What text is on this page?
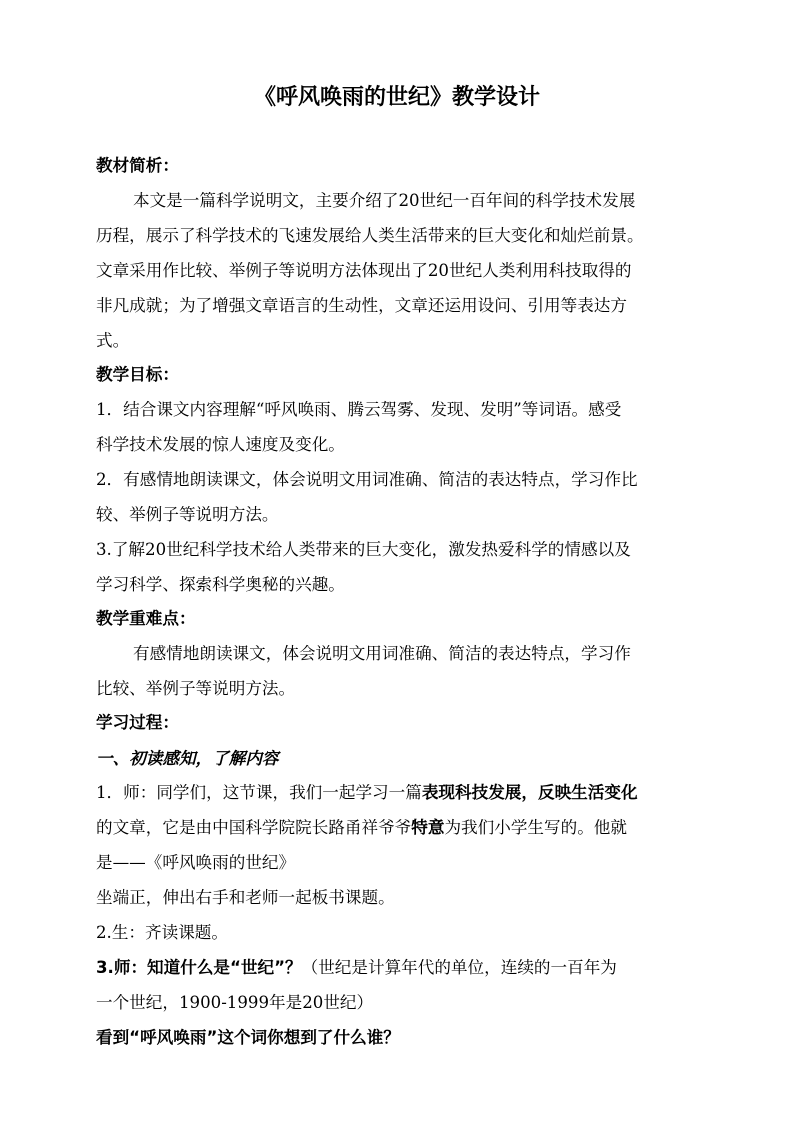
《呼风唤雨的世纪》教学设计
教材简析：
本文是一篇科学说明文，主要介绍了20世纪一百年间的科学技术发展
历程，展示了科学技术的飞速发展给人类生活带来的巨大变化和灿烂前景。
文章采用作比较、举例子等说明方法体现出了20世纪人类利用科技取得的
非凡成就；为了增强文章语言的生动性，文章还运用设问、引用等表达方
式。
教学目标：
1．结合课文内容理解“呼风唤雨、腾云驾雾、发现、发明”等词语。感受
科学技术发展的惊人速度及变化。
2．有感情地朗读课文，体会说明文用词准确、简洁的表达特点，学习作比
较、举例子等说明方法。
3.了解20世纪科学技术给人类带来的巨大变化，激发热爱科学的情感以及
学习科学、探索科学奥秘的兴趣。
教学重难点：
有感情地朗读课文，体会说明文用词准确、简洁的表达特点，学习作
比较、举例子等说明方法。
学习过程：
一、初读感知，了解内容
1．师：同学们，这节课，我们一起学习一篇表现科技发展，反映生活变化
的文章，它是由中国科学院院长路甬祥爷爷特意为我们小学生写的。他就
是——《呼风唤雨的世纪》
坐端正，伸出右手和老师一起板书课题。
2.生：齐读课题。
3.师：知道什么是“世纪”？（世纪是计算年代的单位，连续的一百年为
一个世纪，1900-1999年是20世纪）
看到“呼风唤雨”这个词你想到了什么谁？
